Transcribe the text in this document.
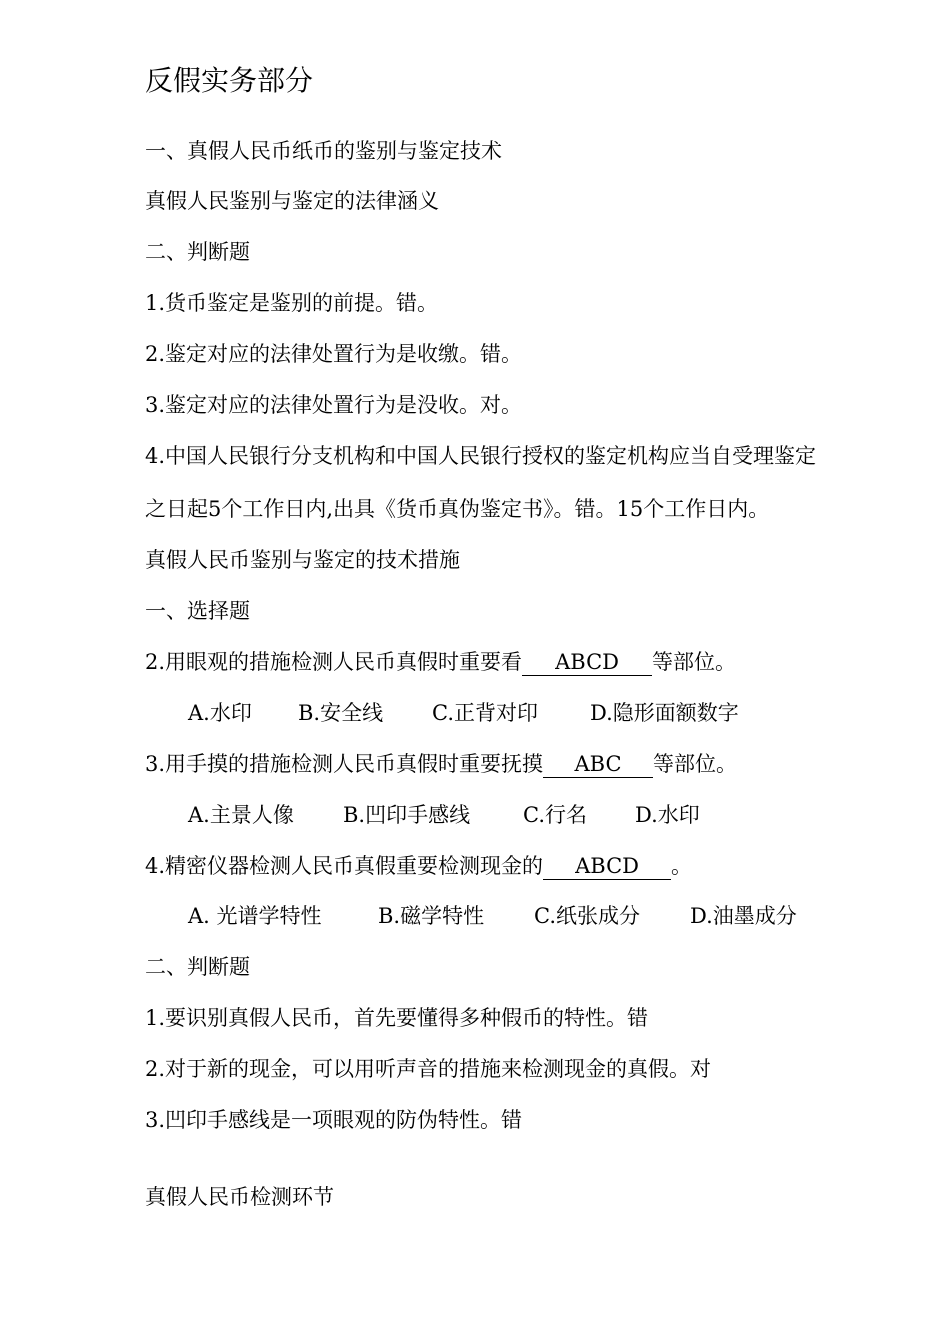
反假实务部分
一、真假人民币纸币的鉴别与鉴定技术
真假人民鉴别与鉴定的法律涵义
二、判断题
1.货币鉴定是鉴别的前提。错。
2.鉴定对应的法律处置行为是收缴。错。
3.鉴定对应的法律处置行为是没收。对。
4.中国人民银行分支机构和中国人民银行授权的鉴定机构应当自受理鉴定
之日起5个工作日内,出具《货币真伪鉴定书》。错。15个工作日内。
真假人民币鉴别与鉴定的技术措施
一、选择题
2.用眼观的措施检测人民币真假时重要看 ABCD 等部位。
A.水印 B.安全线 C.正背对印 D.隐形面额数字
3.用手摸的措施检测人民币真假时重要抚摸 ABC 等部位。
A.主景人像 B.凹印手感线	C.行名 D.水印
4.精密仪器检测人民币真假重要检测现金的 ABCD 。
A. 光谱学特性	B.磁学特性 C.纸张成分 D.油墨成分
二、判断题
1.要识别真假人民币，首先要懂得多种假币的特性。错
2.对于新的现金，可以用听声音的措施来检测现金的真假。对
3.凹印手感线是一项眼观的防伪特性。错
真假人民币检测环节
